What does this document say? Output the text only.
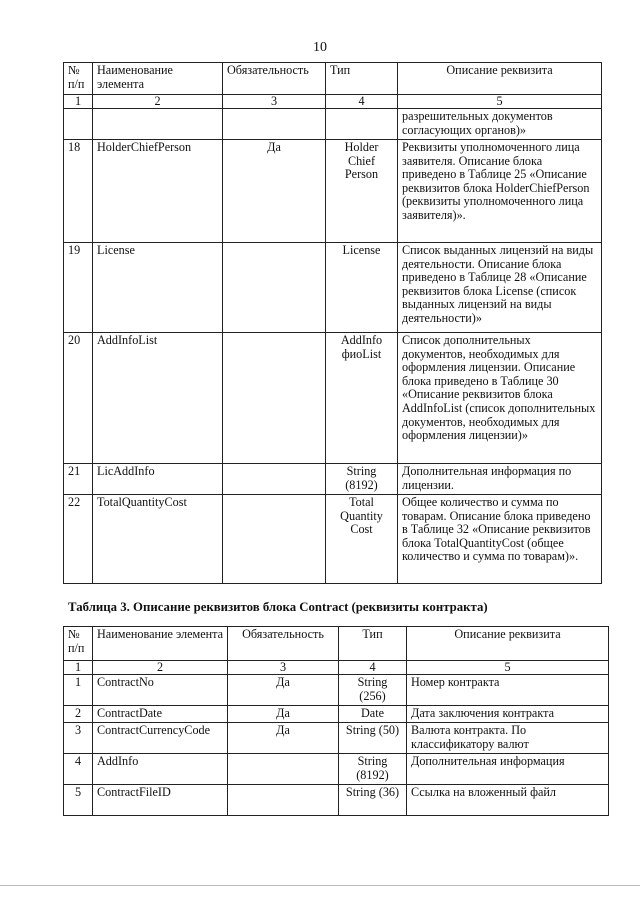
10
№ п/п	Наименование элемента	Обязательность	Тип	Описание реквизита
1	2	3	4	5
				разрешительных документов согласующих органов)»
18	HolderChiefPerson	Да	Holder Chief Person	Реквизиты уполномоченного лица заявителя. Описание блока приведено в Таблице 25 «Описание реквизитов блока HolderChiefPerson (реквизиты уполномоченного лица заявителя)».
19	License		License	Список выданных лицензий на виды деятельности. Описание блока приведено в Таблице 28 «Описание реквизитов блока License (список выданных лицензий на виды деятельности)»
20	AddInfoList		AddInfo фиоList	Список дополнительных документов, необходимых для оформления лицензии. Описание блока приведено в Таблице 30 «Описание реквизитов блока AddInfoList (список дополнительных документов, необходимых для оформления лицензии)»
21	LicAddInfo		String (8192)	Дополнительная информация по лицензии.
22	TotalQuantityCost		Total Quantity Cost	Общее количество и сумма по товарам. Описание блока приведено в Таблице 32 «Описание реквизитов блока TotalQuantityCost (общее количество и сумма по товарам)».
Таблица 3. Описание реквизитов блока Contract (реквизиты контракта)
№ п/п	Наименование элемента	Обязательность	Тип	Описание реквизита
1	2	3	4	5
1	ContractNo	Да	String (256)	Номер контракта
2	ContractDate	Да	Date	Дата заключения контракта
3	ContractCurrencyCode	Да	String (50)	Валюта контракта. По классификатору валют
4	AddInfo		String (8192)	Дополнительная информация
5	ContractFileID		String (36)	Ссылка на вложенный файл
